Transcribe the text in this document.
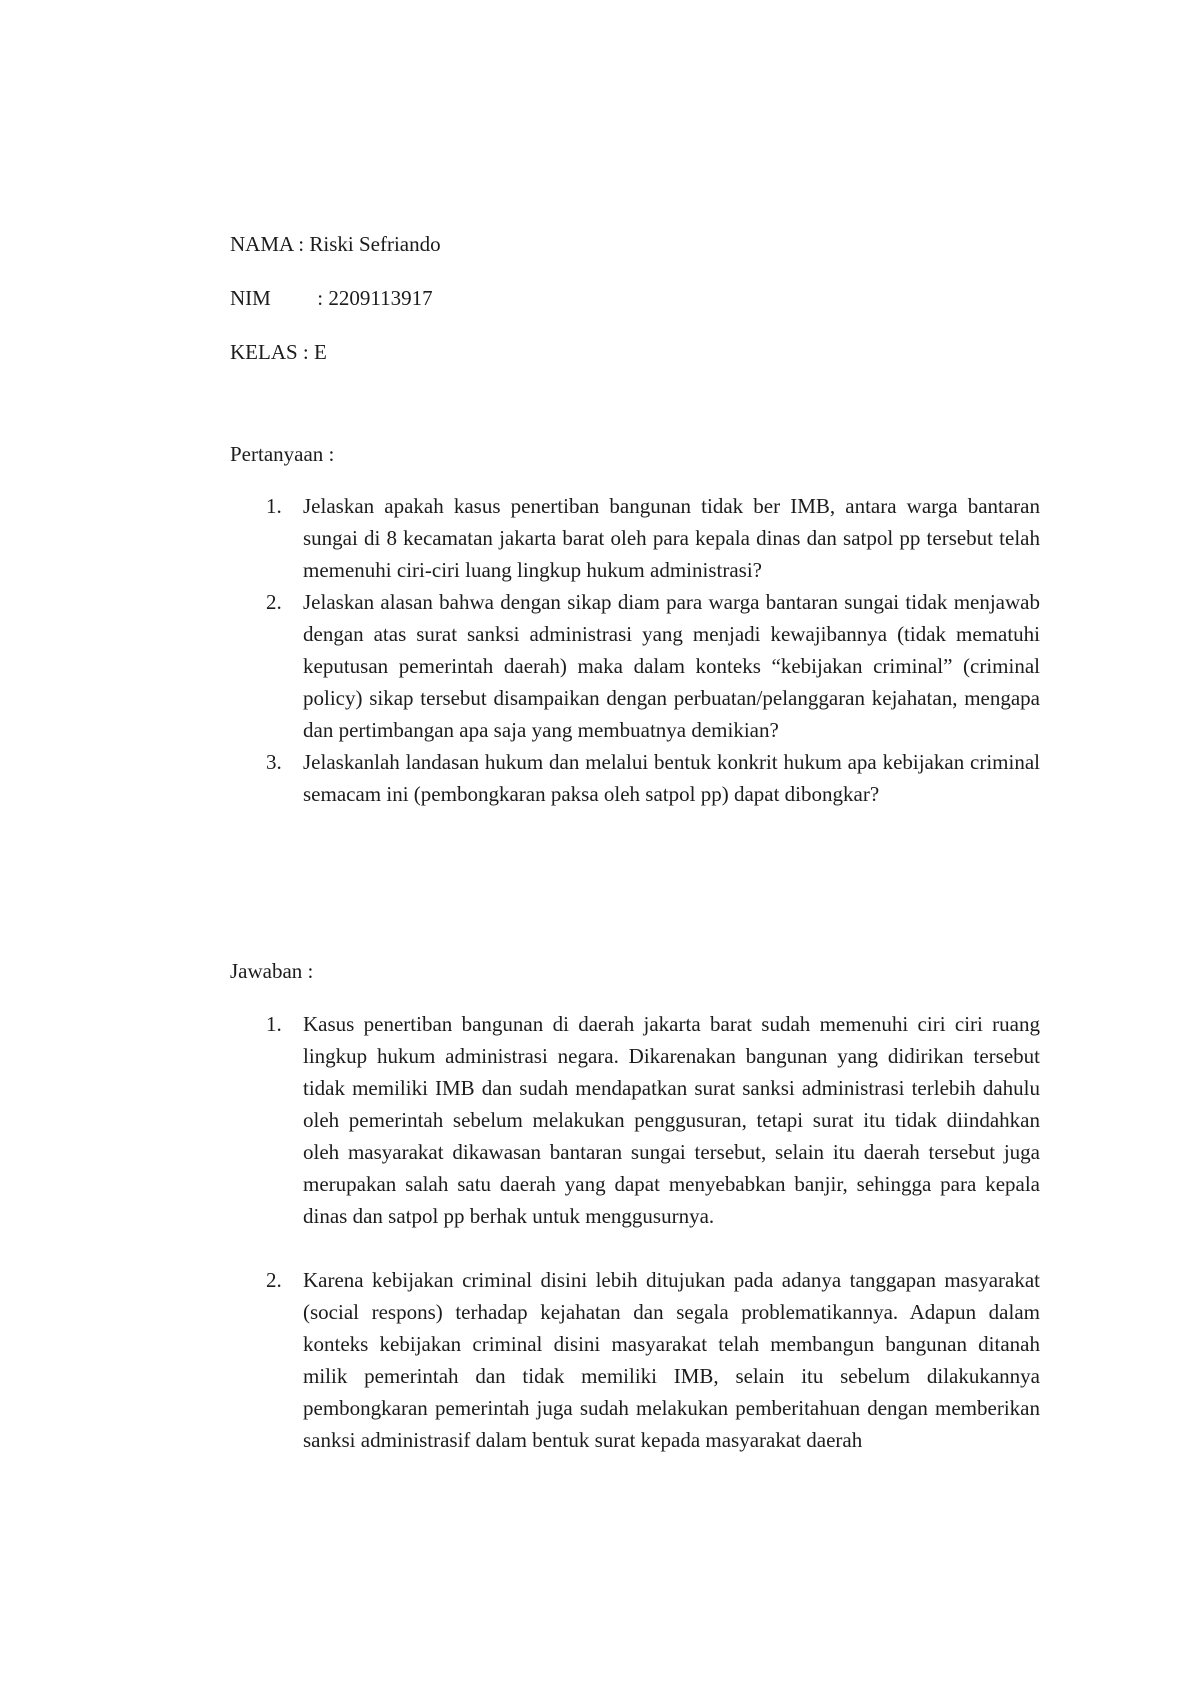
NAMA : Riski Sefriando
NIM : 2209113917
KELAS : E
Pertanyaan :
1. Jelaskan apakah kasus penertiban bangunan tidak ber IMB, antara warga bantaran sungai di 8 kecamatan jakarta barat oleh para kepala dinas dan satpol pp tersebut telah memenuhi ciri-ciri luang lingkup hukum administrasi?
2. Jelaskan alasan bahwa dengan sikap diam para warga bantaran sungai tidak menjawab dengan atas surat sanksi administrasi yang menjadi kewajibannya (tidak mematuhi keputusan pemerintah daerah) maka dalam konteks “kebijakan criminal” (criminal policy) sikap tersebut disampaikan dengan perbuatan/pelanggaran kejahatan, mengapa dan pertimbangan apa saja yang membuatnya demikian?
3. Jelaskanlah landasan hukum dan melalui bentuk konkrit hukum apa kebijakan criminal semacam ini (pembongkaran paksa oleh satpol pp) dapat dibongkar?
Jawaban :
1. Kasus penertiban bangunan di daerah jakarta barat sudah memenuhi ciri ciri ruang lingkup hukum administrasi negara. Dikarenakan bangunan yang didirikan tersebut tidak memiliki IMB dan sudah mendapatkan surat sanksi administrasi terlebih dahulu oleh pemerintah sebelum melakukan penggusuran, tetapi surat itu tidak diindahkan oleh masyarakat dikawasan bantaran sungai tersebut, selain itu daerah tersebut juga merupakan salah satu daerah yang dapat menyebabkan banjir, sehingga para kepala dinas dan satpol pp berhak untuk menggusurnya.
2. Karena kebijakan criminal disini lebih ditujukan pada adanya tanggapan masyarakat (social respons) terhadap kejahatan dan segala problematikannya. Adapun dalam konteks kebijakan criminal disini masyarakat telah membangun bangunan ditanah milik pemerintah dan tidak memiliki IMB, selain itu sebelum dilakukannya pembongkaran pemerintah juga sudah melakukan pemberitahuan dengan memberikan sanksi administrasif dalam bentuk surat kepada masyarakat daerah
